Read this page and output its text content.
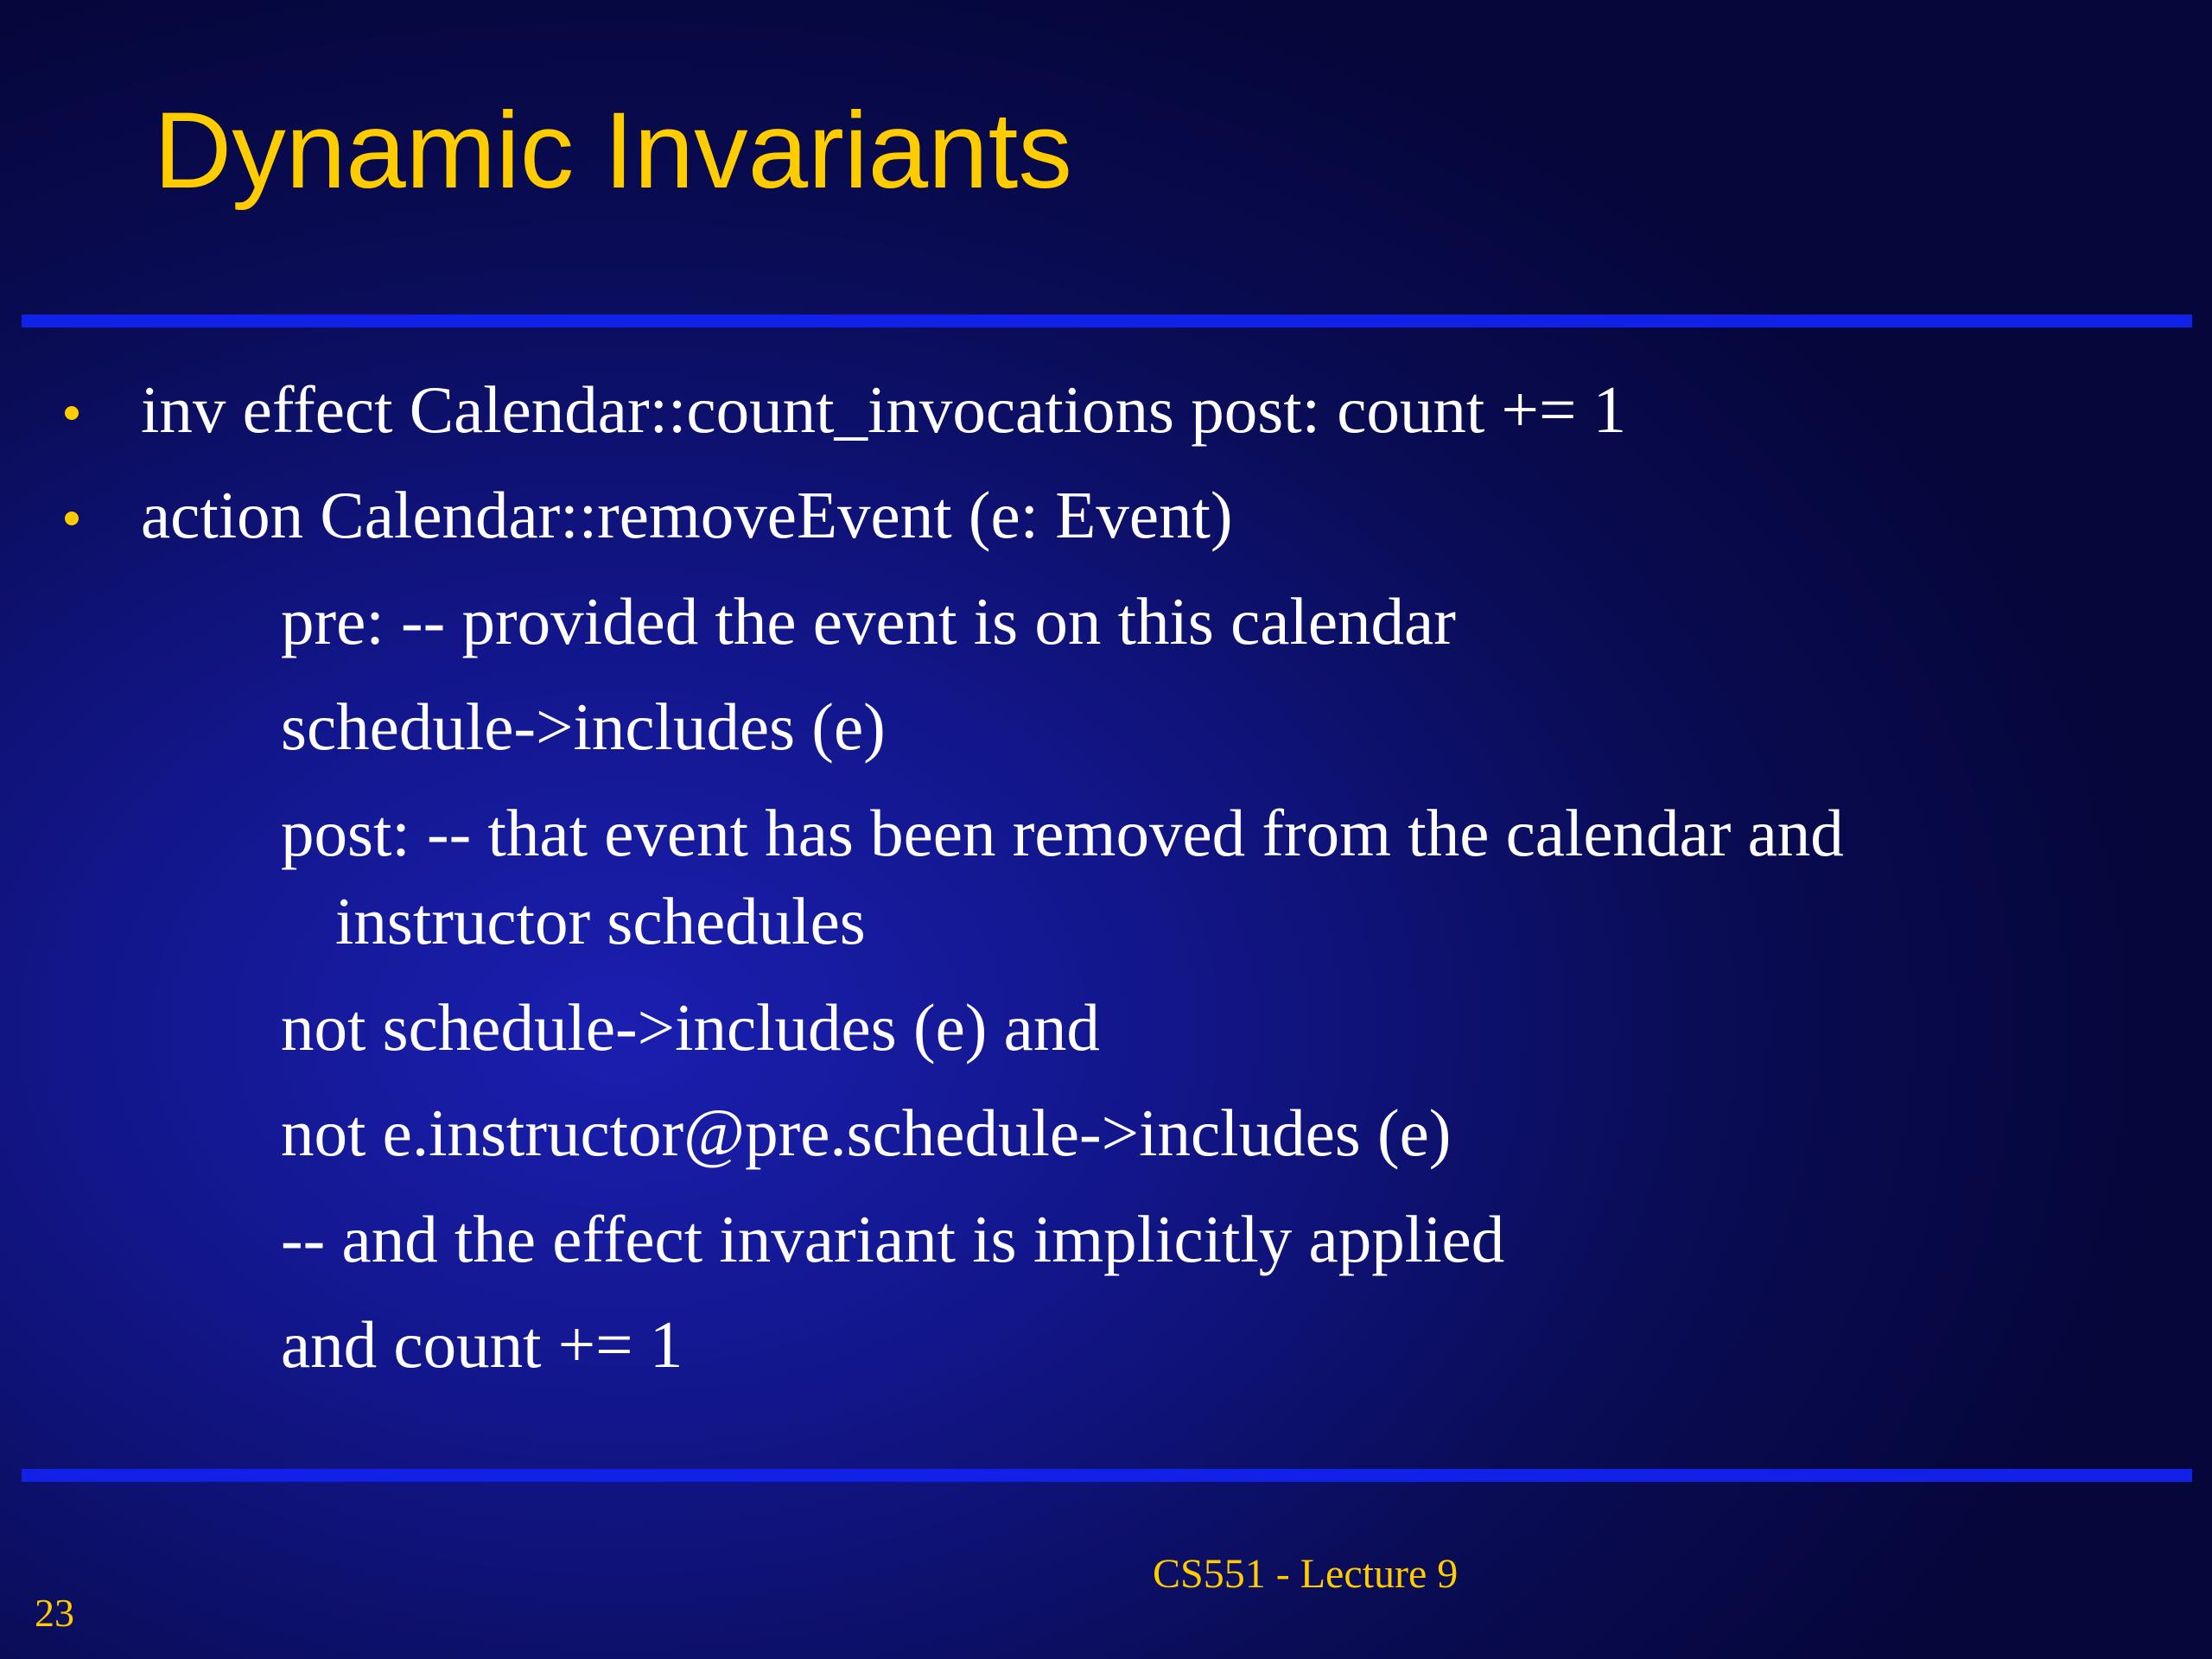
Dynamic Invariants
inv effect Calendar::count_invocations post: count += 1
action Calendar::removeEvent (e: Event)
pre: -- provided the event is on this calendar
schedule->includes (e)
post: -- that event has been removed from the calendar and
instructor schedules
not schedule->includes (e) and
not e.instructor@pre.schedule->includes (e)
-- and the effect invariant is implicitly applied
and count += 1
CS551 - Lecture 9
23
